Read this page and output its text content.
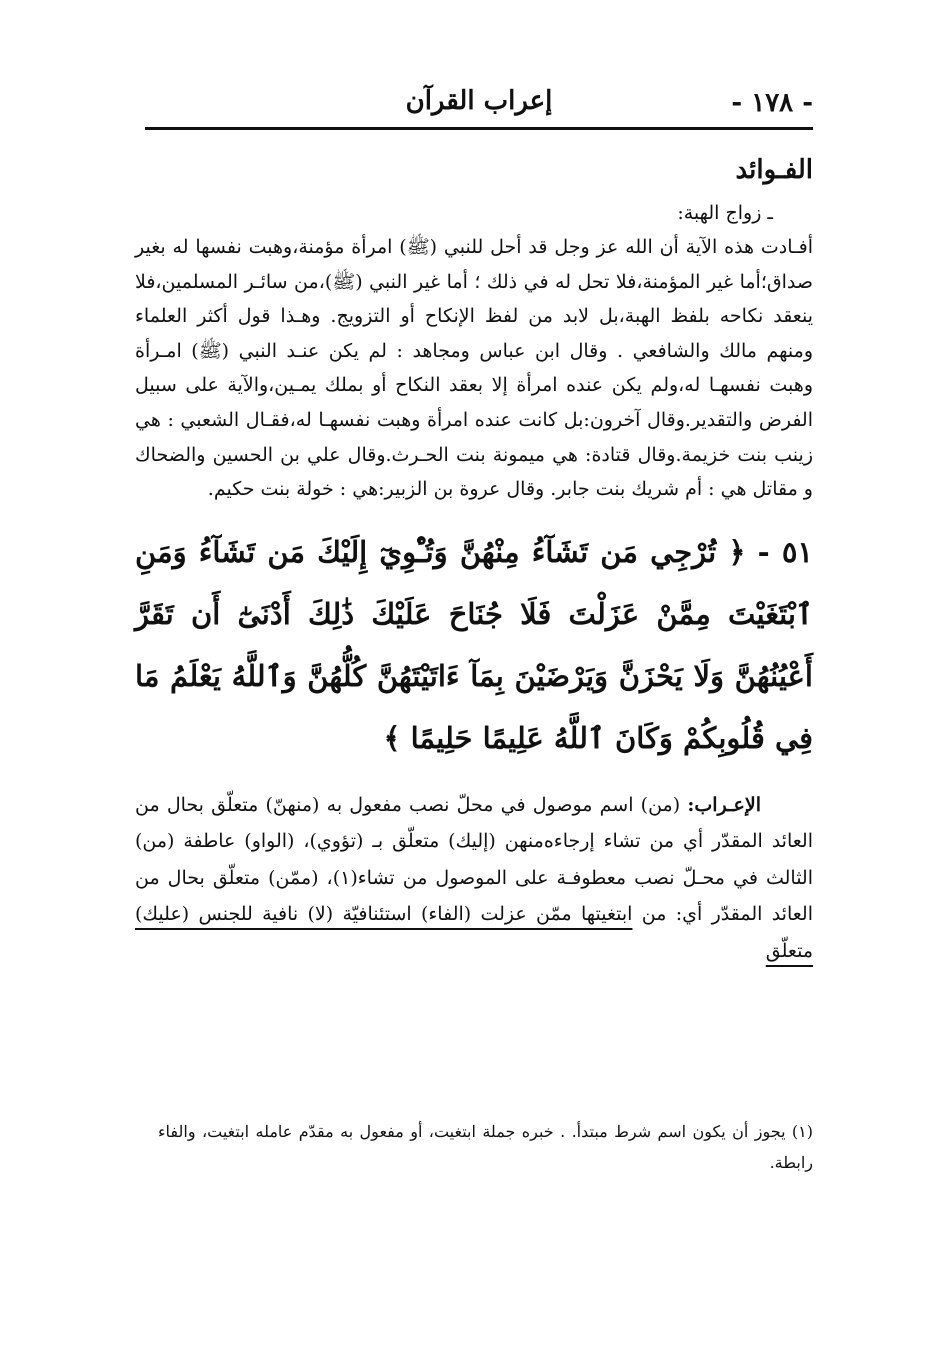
- ١٧٨ -
إعراب القرآن
الفـوائد
ـ زواج الهبة:

أفـادت هذه الآية أن الله عز وجل قد أحل للنبي (ﷺ) امرأة مؤمنة،وهبت نفسها له بغير صداق؛أما غير المؤمنة،فلا تحل له في ذلك ؛ أما غير النبي (ﷺ)،من سائـر المسلمين،فلا ينعقد نكاحه بلفظ الهبة،بل لابد من لفظ الإنكاح أو التزويج. وهـذا قول أكثر العلماء ومنهم مالك والشافعي . وقال ابن عباس ومجاهد : لم يكن عنـد النبي (ﷺ) امـرأة وهبت نفسهـا له،ولم يكن عنده امرأة إلا بعقد النكاح أو بملك يمـين،والآية على سبيل الفرض والتقدير.وقال آخرون:بل كانت عنده امرأة وهبت نفسهـا له،فقـال الشعبي : هي زينب بنت خزيمة.وقال قتادة: هي ميمونة بنت الحـرث.وقال علي بن الحسين والضحاك و مقاتل هي : أم شريك بنت جابر. وقال عروة بن الزبير:هي : خولة بنت حكيم.

٥١ - ﴿ تُرْجِي مَن تَشَآءُ مِنْهُنَّ وَتُـْٔوِيٓ إِلَيْكَ مَن تَشَآءُ وَمَنِ ٱبْتَغَيْتَ مِمَّنْ عَزَلْتَ فَلَا جُنَاحَ عَلَيْكَ ذَٰلِكَ أَدْنَىٰٓ أَن تَقَرَّ أَعْيُنُهُنَّ وَلَا يَحْزَنَّ وَيَرْضَيْنَ بِمَآ ءَاتَيْتَهُنَّ كُلُّهُنَّ وَٱللَّهُ يَعْلَمُ مَا فِي قُلُوبِكُمْ وَكَانَ ٱللَّهُ عَلِيمًا حَلِيمًا ﴾

الإعـراب: (من) اسم موصول في محلّ نصب مفعول به (منهنّ) متعلّق بحال من العائد المقدّر أي من تشاء إرجاءه‌منهن (إليك) متعلّق بـ (تؤوي)، (الواو) عاطفة (من) الثالث في محـلّ نصب معطوفـة على الموصول من تشاء(١)، (ممّن) متعلّق بحال من العائد المقدّر أي: من ابتغيتها ممّن عزلت (الفاء) استئنافيّة (لا) نافية للجنس (عليك) متعلّق

(١) يجوز أن يكون اسم شرط مبتدأ. . خبره جملة ابتغيت، أو مفعول به مقدّم عامله ابتغيت، والفاء رابطة.
